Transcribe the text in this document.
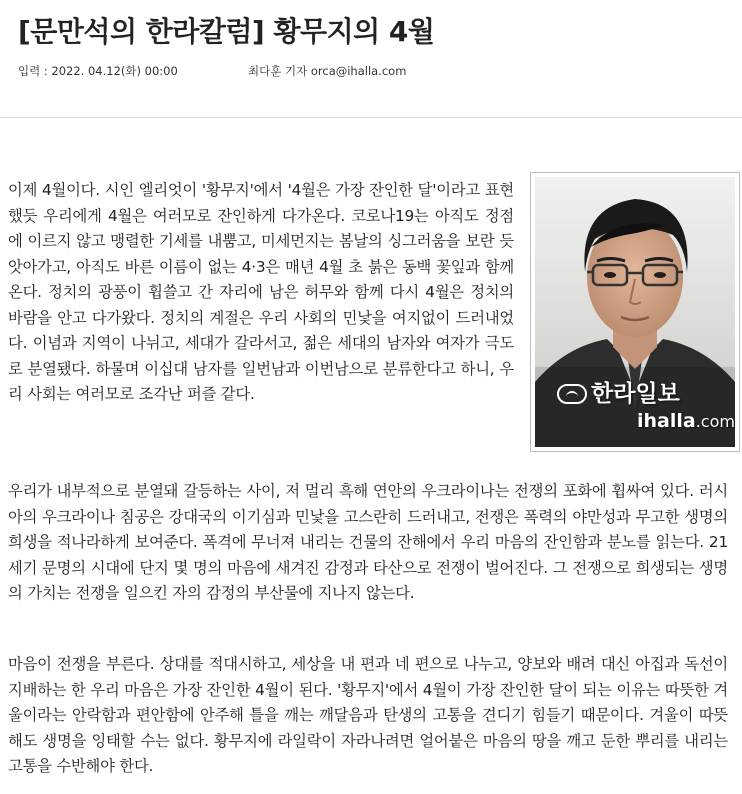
[문만석의 한라칼럼] 황무지의 4월
입력 : 2022. 04.12(화) 00:00	최다훈 기자 orca@ihalla.com
한라일보
ihalla.com

이제 4월이다. 시인 엘리엇이 '황무지'에서 '4월은 가장 잔인한 달'이라고 표현했듯 우리에게 4월은 여러모로 잔인하게 다가온다. 코로나19는 아직도 정점에 이르지 않고 맹렬한 기세를 내뿜고, 미세먼지는 봄날의 싱그러움을 보란 듯 앗아가고, 아직도 바른 이름이 없는 4·3은 매년 4월 초 붉은 동백 꽃잎과 함께 온다. 정치의 광풍이 휩쓸고 간 자리에 남은 허무와 함께 다시 4월은 정치의 바람을 안고 다가왔다. 정치의 계절은 우리 사회의 민낯을 여지없이 드러내었다. 이념과 지역이 나뉘고, 세대가 갈라서고, 젊은 세대의 남자와 여자가 극도로 분열됐다. 하물며 이십대 남자를 일번남과 이번남으로 분류한다고 하니, 우리 사회는 여러모로 조각난 퍼즐 같다.

우리가 내부적으로 분열돼 갈등하는 사이, 저 멀리 흑해 연안의 우크라이나는 전쟁의 포화에 휩싸여 있다. 러시아의 우크라이나 침공은 강대국의 이기심과 민낯을 고스란히 드러내고, 전쟁은 폭력의 야만성과 무고한 생명의 희생을 적나라하게 보여준다. 폭격에 무너져 내리는 건물의 잔해에서 우리 마음의 잔인함과 분노를 읽는다. 21세기 문명의 시대에 단지 몇 명의 마음에 새겨진 감정과 타산으로 전쟁이 벌어진다. 그 전쟁으로 희생되는 생명의 가치는 전쟁을 일으킨 자의 감정의 부산물에 지나지 않는다.

마음이 전쟁을 부른다. 상대를 적대시하고, 세상을 내 편과 네 편으로 나누고, 양보와 배려 대신 아집과 독선이 지배하는 한 우리 마음은 가장 잔인한 4월이 된다. '황무지'에서 4월이 가장 잔인한 달이 되는 이유는 따뜻한 겨울이라는 안락함과 편안함에 안주해 틀을 깨는 깨달음과 탄생의 고통을 견디기 힘들기 때문이다. 겨울이 따뜻해도 생명을 잉태할 수는 없다. 황무지에 라일락이 자라나려면 얼어붙은 마음의 땅을 깨고 둔한 뿌리를 내리는 고통을 수반해야 한다.
